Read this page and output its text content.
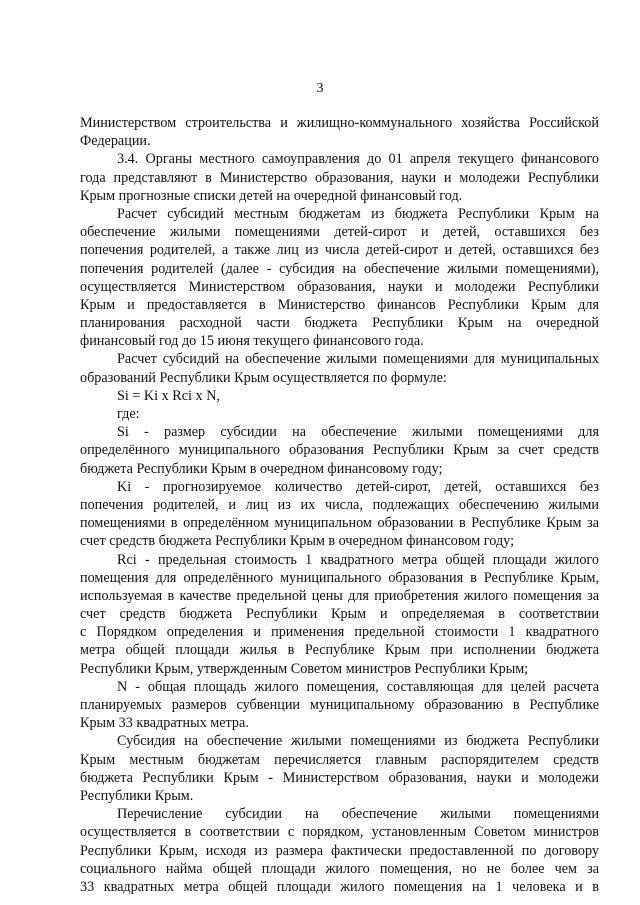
3
Министерством строительства и жилищно-коммунального хозяйства Российской
Федерации.
3.4. Органы местного самоуправления до 01 апреля текущего финансового
года представляют в Министерство образования, науки и молодежи Республики
Крым прогнозные списки детей на очередной финансовый год.
Расчет субсидий местным бюджетам из бюджета Республики Крым на
обеспечение жилыми помещениями детей-сирот и детей, оставшихся без
попечения родителей, а также лиц из числа детей-сирот и детей, оставшихся без
попечения родителей (далее - субсидия на обеспечение жилыми помещениями),
осуществляется Министерством образования, науки и молодежи Республики
Крым и предоставляется в Министерство финансов Республики Крым для
планирования расходной части бюджета Республики Крым на очередной
финансовый год до 15 июня текущего финансового года.
Расчет субсидий на обеспечение жилыми помещениями для муниципальных
образований Республики Крым осуществляется по формуле:
Si = Ki x Rci x N,
где:
Si - размер субсидии на обеспечение жилыми помещениями для
определённого муниципального образования Республики Крым за счет средств
бюджета Республики Крым в очередном финансовому году;
Ki - прогнозируемое количество детей-сирот, детей, оставшихся без
попечения родителей, и лиц из их числа, подлежащих обеспечению жилыми
помещениями в определённом муниципальном образовании в Республике Крым за
счет средств бюджета Республики Крым в очередном финансовом году;
Rci - предельная стоимость 1 квадратного метра общей площади жилого
помещения для определённого муниципального образования в Республике Крым,
используемая в качестве предельной цены для приобретения жилого помещения за
счет средств бюджета Республики Крым и определяемая в соответствии
с Порядком определения и применения предельной стоимости 1 квадратного
метра общей площади жилья в Республике Крым при исполнении бюджета
Республики Крым, утвержденным Советом министров Республики Крым;
N - общая площадь жилого помещения, составляющая для целей расчета
планируемых размеров субвенции муниципальному образованию в Республике
Крым 33 квадратных метра.
Субсидия на обеспечение жилыми помещениями из бюджета Республики
Крым местным бюджетам перечисляется главным распорядителем средств
бюджета Республики Крым - Министерством образования, науки и молодежи
Республики Крым.
Перечисление субсидии на обеспечение жилыми помещениями
осуществляется в соответствии с порядком, установленным Советом министров
Республики Крым, исходя из размера фактически предоставленной по договору
социального найма общей площади жилого помещения, но не более чем за
33 квадратных метра общей площади жилого помещения на 1 человека и в
